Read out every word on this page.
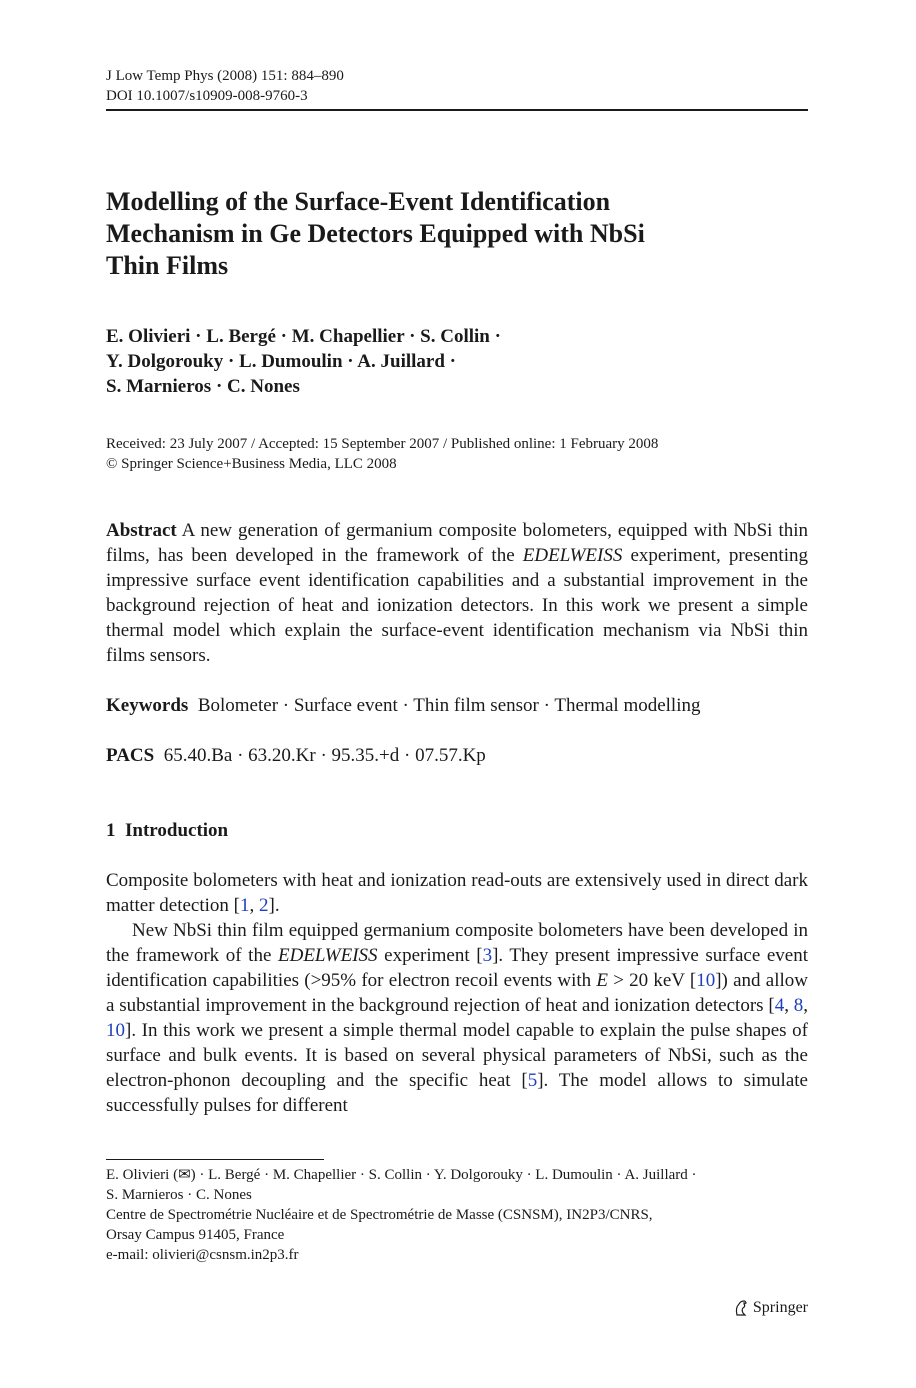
J Low Temp Phys (2008) 151: 884–890
DOI 10.1007/s10909-008-9760-3
Modelling of the Surface-Event Identification
Mechanism in Ge Detectors Equipped with NbSi
Thin Films
E. Olivieri · L. Bergé · M. Chapellier · S. Collin ·
Y. Dolgorouky · L. Dumoulin · A. Juillard ·
S. Marnieros · C. Nones
Received: 23 July 2007 / Accepted: 15 September 2007 / Published online: 1 February 2008
© Springer Science+Business Media, LLC 2008

Abstract A new generation of germanium composite bolometers, equipped with NbSi thin films, has been developed in the framework of the EDELWEISS experiment, presenting impressive surface event identification capabilities and a substantial improvement in the background rejection of heat and ionization detectors. In this work we present a simple thermal model which explain the surface-event identification mechanism via NbSi thin films sensors.

Keywords Bolometer · Surface event · Thin film sensor · Thermal modelling
PACS 65.40.Ba · 63.20.Kr · 95.35.+d · 07.57.Kp
1 Introduction

Composite bolometers with heat and ionization read-outs are extensively used in direct dark matter detection [1, 2].

New NbSi thin film equipped germanium composite bolometers have been developed in the framework of the EDELWEISS experiment [3]. They present impressive surface event identification capabilities (>95% for electron recoil events with E > 20 keV [10]) and allow a substantial improvement in the background rejection of heat and ionization detectors [4, 8, 10]. In this work we present a simple thermal model capable to explain the pulse shapes of surface and bulk events. It is based on several physical parameters of NbSi, such as the electron-phonon decoupling and the specific heat [5]. The model allows to simulate successfully pulses for different

E. Olivieri (✉) · L. Bergé · M. Chapellier · S. Collin · Y. Dolgorouky · L. Dumoulin · A. Juillard ·
S. Marnieros · C. Nones
Centre de Spectrométrie Nucléaire et de Spectrométrie de Masse (CSNSM), IN2P3/CNRS,
Orsay Campus 91405, France
e-mail: olivieri@csnsm.in2p3.fr
Springer
